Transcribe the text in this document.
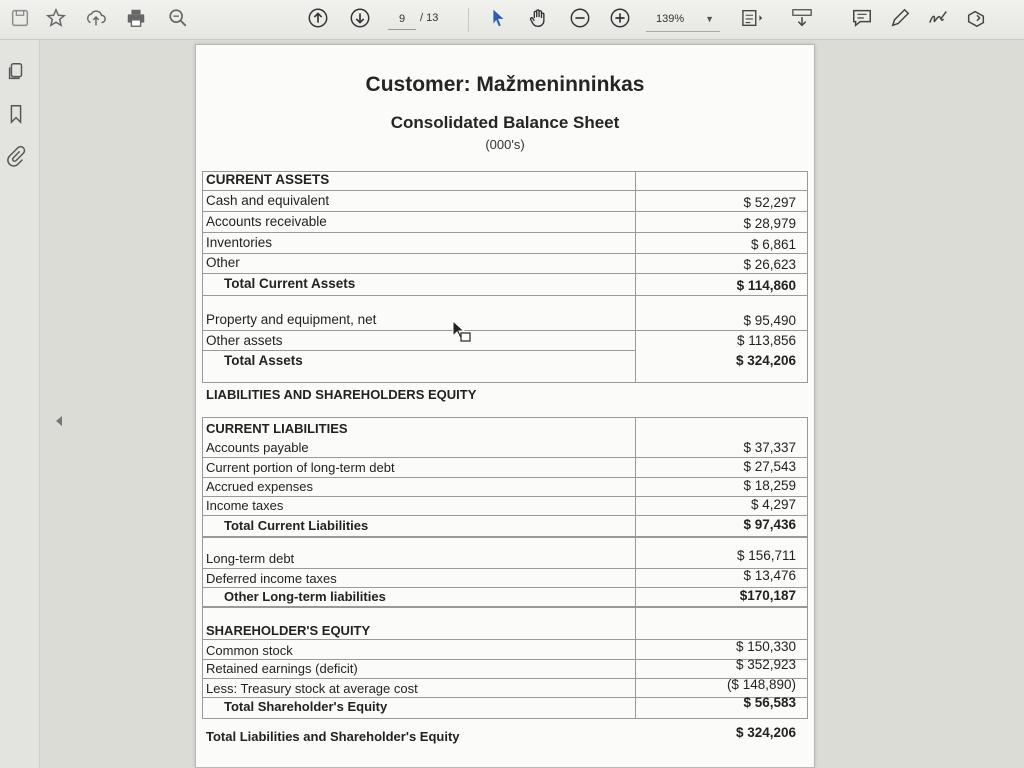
9
/ 13	139% ▼
Customer: Mažmeninninkas
Consolidated Balance Sheet
(000's)
CURRENT ASSETS
Cash and equivalent	$ 52,297
Accounts receivable	$ 28,979
Inventories	$ 6,861
Other	$ 26,623
Total Current Assets	$ 114,860
Property and equipment, net	$ 95,490
Other assets	$ 113,856
Total Assets	$ 324,206
LIABILITIES AND SHAREHOLDERS EQUITY
CURRENT LIABILITIES
Accounts payable	$ 37,337
Current portion of long-term debt	$ 27,543
Accrued expenses	$ 18,259
Income taxes	$ 4,297
Total Current Liabilities	$ 97,436
Long-term debt	$ 156,711
Deferred income taxes	$ 13,476
Other Long-term liabilities	$170,187
SHAREHOLDER'S EQUITY
Common stock	$ 150,330
Retained earnings (deficit)	$ 352,923
Less: Treasury stock at average cost	($ 148,890)
Total Shareholder's Equity	$ 56,583
Total Liabilities and Shareholder's Equity	$ 324,206
